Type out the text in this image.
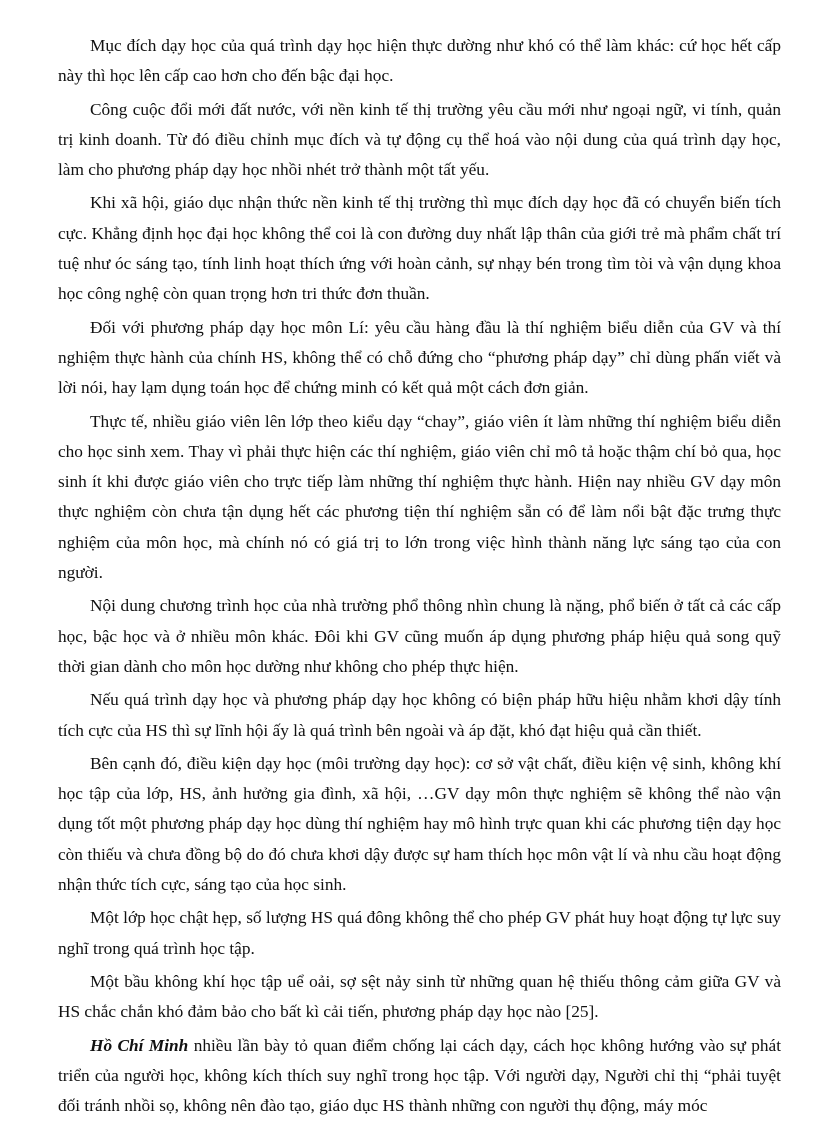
Mục đích dạy học của quá trình dạy học hiện thực dường như khó có thể làm khác: cứ học hết cấp này thì học lên cấp cao hơn cho đến bậc đại học.

Công cuộc đổi mới đất nước, với nền kinh tế thị trường yêu cầu mới như ngoại ngữ, vi tính, quản trị kinh doanh. Từ đó điều chỉnh mục đích và tự động cụ thể hoá vào nội dung của quá trình dạy học, làm cho phương pháp dạy học nhồi nhét trở thành một tất yếu.

Khi xã hội, giáo dục nhận thức nền kinh tế thị trường thì mục đích dạy học đã có chuyển biến tích cực. Khẳng định học đại học không thể coi là con đường duy nhất lập thân của giới trẻ mà phẩm chất trí tuệ như óc sáng tạo, tính linh hoạt thích ứng với hoàn cảnh, sự nhạy bén trong tìm tòi và vận dụng khoa học công nghệ còn quan trọng hơn tri thức đơn thuần.

Đối với phương pháp dạy học môn Lí: yêu cầu hàng đầu là thí nghiệm biểu diễn của GV và thí nghiệm thực hành của chính HS, không thể có chỗ đứng cho “phương pháp dạy” chỉ dùng phấn viết và lời nói, hay lạm dụng toán học để chứng minh có kết quả một cách đơn giản.

Thực tế, nhiều giáo viên lên lớp theo kiểu dạy “chay”, giáo viên ít làm những thí nghiệm biểu diễn cho học sinh xem. Thay vì phải thực hiện các thí nghiệm, giáo viên chỉ mô tả hoặc thậm chí bỏ qua, học sinh ít khi được giáo viên cho trực tiếp làm những thí nghiệm thực hành. Hiện nay nhiều GV dạy môn thực nghiệm còn chưa tận dụng hết các phương tiện thí nghiệm sẵn có để làm nổi bật đặc trưng thực nghiệm của môn học, mà chính nó có giá trị to lớn trong việc hình thành năng lực sáng tạo của con người.

Nội dung chương trình học của nhà trường phổ thông nhìn chung là nặng, phổ biến ở tất cả các cấp học, bậc học và ở nhiều môn khác. Đôi khi GV cũng muốn áp dụng phương pháp hiệu quả song quỹ thời gian dành cho môn học dường như không cho phép thực hiện.

Nếu quá trình dạy học và phương pháp dạy học không có biện pháp hữu hiệu nhằm khơi dậy tính tích cực của HS thì sự lĩnh hội ấy là quá trình bên ngoài và áp đặt, khó đạt hiệu quả cần thiết.

Bên cạnh đó, điều kiện dạy học (môi trường dạy học): cơ sở vật chất, điều kiện vệ sinh, không khí học tập của lớp, HS, ảnh hưởng gia đình, xã hội, …GV dạy môn thực nghiệm sẽ không thể nào vận dụng tốt một phương pháp dạy học dùng thí nghiệm hay mô hình trực quan khi các phương tiện dạy học còn thiếu và chưa đồng bộ do đó chưa khơi dậy được sự ham thích học môn vật lí và nhu cầu hoạt động nhận thức tích cực, sáng tạo của học sinh.

Một lớp học chật hẹp, số lượng HS quá đông không thể cho phép GV phát huy hoạt động tự lực suy nghĩ trong quá trình học tập.

Một bầu không khí học tập uể oải, sợ sệt nảy sinh từ những quan hệ thiếu thông cảm giữa GV và HS chắc chắn khó đảm bảo cho bất kì cải tiến, phương pháp dạy học nào [25].

Hồ Chí Minh nhiều lần bày tỏ quan điểm chống lại cách dạy, cách học không hướng vào sự phát triển của người học, không kích thích suy nghĩ trong học tập. Với người dạy, Người chỉ thị “phải tuyệt đối tránh nhồi sọ, không nên đào tạo, giáo dục HS thành những con người thụ động, máy móc
